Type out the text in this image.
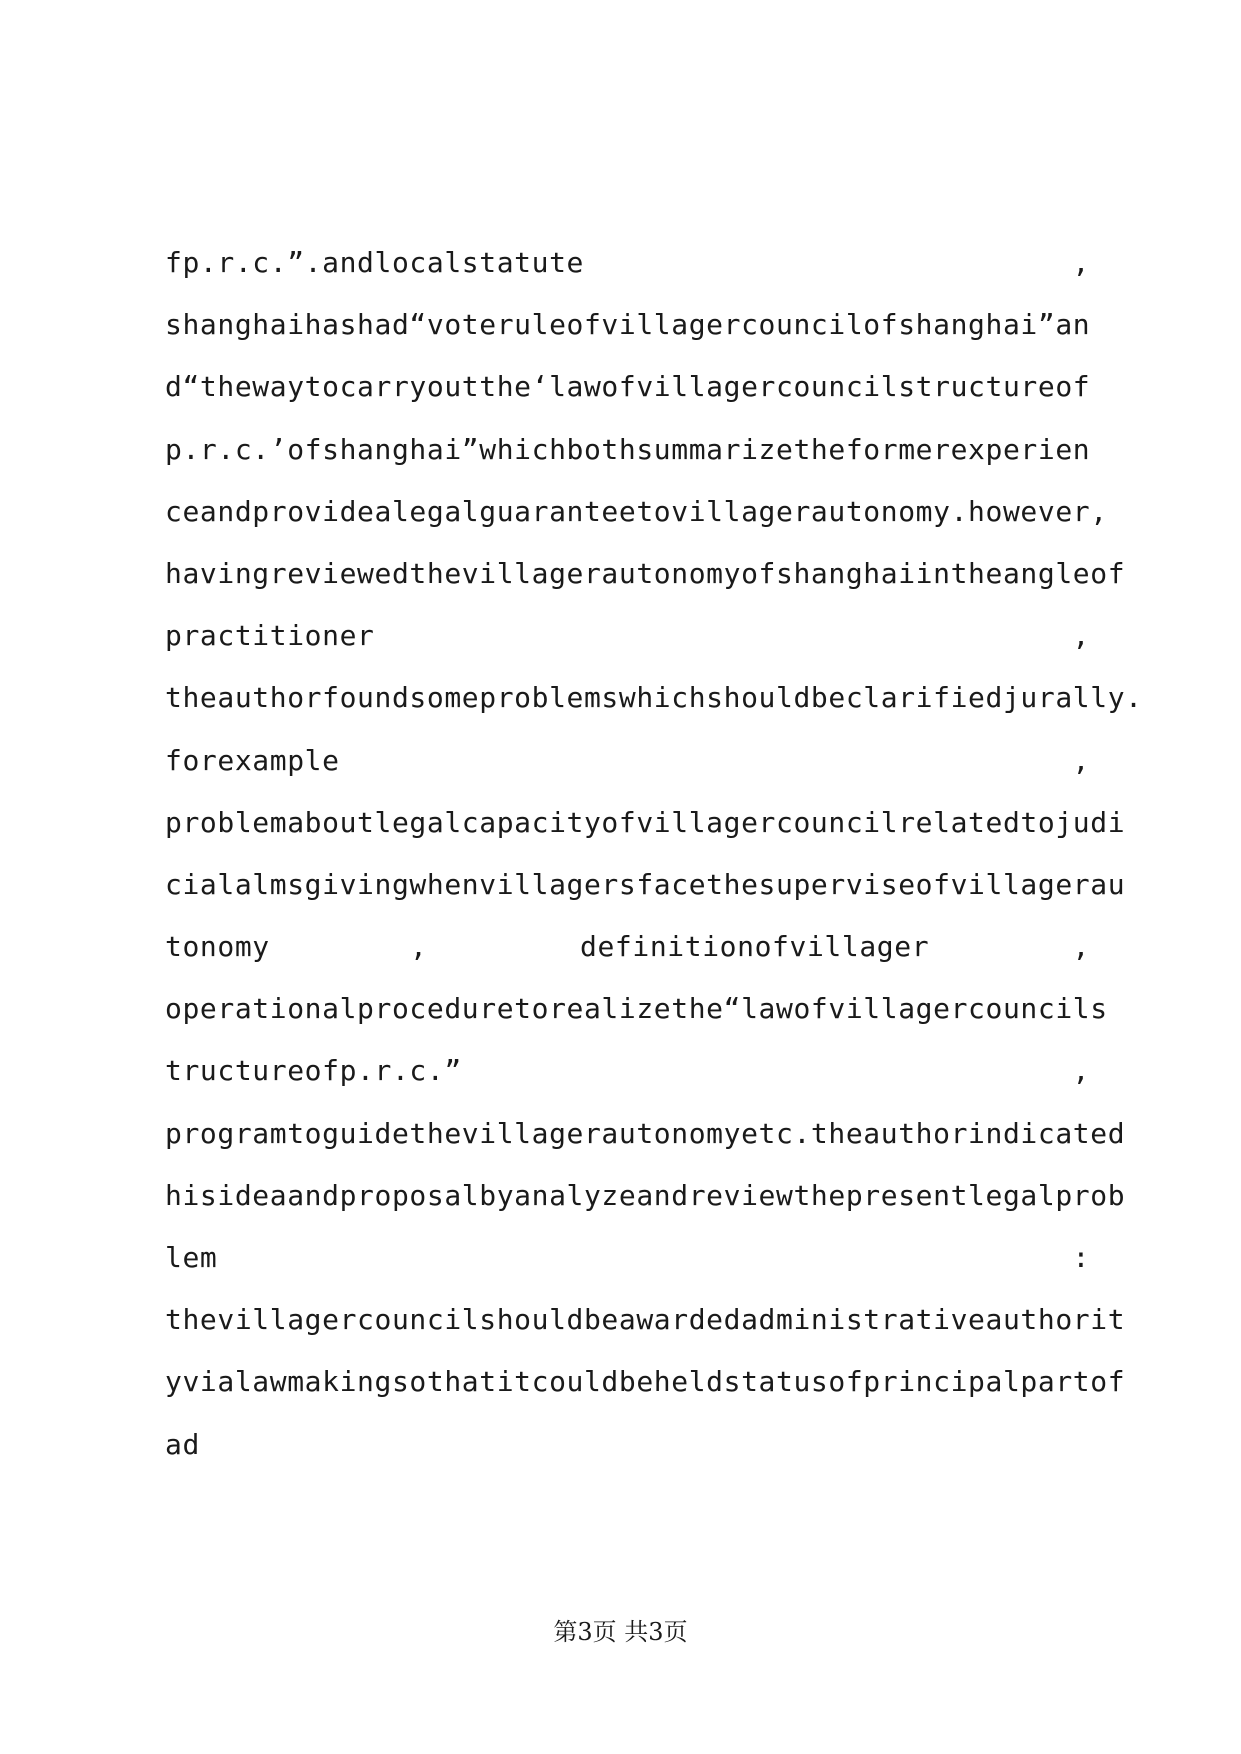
fp.r.c.”.andlocalstatute	,
shanghaihashad“voteruleofvillagercouncilofshanghai”an
d“thewaytocarryoutthe‘lawofvillagercouncilstructureof
p.r.c.’ofshanghai”whichbothsummarizetheformerexperien
ceandprovidealegalguaranteetovillagerautonomy.however,
havingreviewedthevillagerautonomyofshanghaiintheangleof
practitioner	,
theauthorfoundsomeproblemswhichshouldbeclarifiedjurally.
forexample	,
problemaboutlegalcapacityofvillagercouncilrelatedtojudi
cialalmsgivingwhenvillagersfacethesuperviseofvillagerau
tonomy	,	definitionofvillager	,
operationalproceduretorealizethe“lawofvillagercouncils
tructureofp.r.c.”	,
programtoguidethevillagerautonomyetc.theauthorindicated
hisideaandproposalbyanalyzeandreviewthepresentlegalprob
lem	:
thevillagercouncilshouldbeawardedadministrativeauthorit
yvialawmakingsothatitcouldbeheldstatusofprincipalpartof
ad
第3页 共3页
